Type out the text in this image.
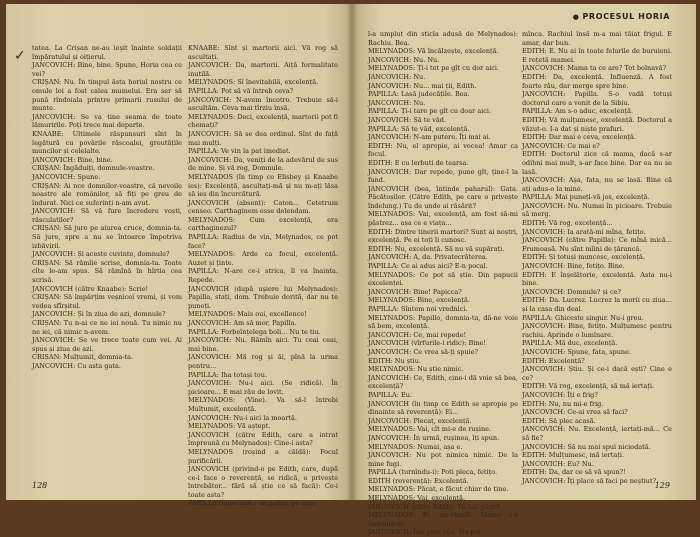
✓ tatea. La Crișan ne-au ieșit înainte soldații împăratului și oițierul.

JANCOVICH: Bine, bine. Spune, Horia cea ce vei?

CRIȘAN: Nu. În timpul ăsta horiul nostru ce omule loi a fost calea mumelui. Era ser să pună rîndoiala printre primarii rusului de munte.

JANCOVICH: Se va tine seama de toate lămuririle. Poți trece mai departe.

KNAABE: Ultimele răspunsuri sînt în legătură cu povările răscoalei, greutățile muncilor și celelalte.

JANCOVICH: Bine, bine.

CRIȘAN: Îngăduiți, domnule-voastre.

JANCOVICH: Spune.

CRIȘAN: Ai nce domnilor-voastre, că nevoile noastre ale românilor, să fiți pe greu de îndurat. Nici ce suferinți n-am avut.

JANCOVICH: Să vă fure încredere voști, răsculatilor?

CRIȘAN: Să jure pe aiurea cruce, domnia-ta. Să jure, spre a nu se întoarce împotriva izbăvirii.

JANCOVICH: Și aceste cuvinte, domnule?

CRIȘAN: Să rămîie scrise, domnia-ta. Toate cîte le-am spus. Să rămînă în hîrtia cea scrisă.

JANCOVICH (către Knaabe): Scrie!

CRIȘAN: Să împărțim veșnicei vremi, și vom vedea sfîrșitul.

JANCOVICH: Și în ziua de azi, domnule?

CRIȘAN: Tu n-ai ce ne iei nouă. Tu nimic nu ne iei, că nimic n-avem.

JANCOVICH: Se ve trece toate cum vei. Ai spus și ziua de azi.

CRIȘAN: Mulțumit, domnia-ta.

JANCOVICH: Cu asta gata.

KNAABE: Sînt și martorii aici. Vă rog să ascultați.

JANCOVICH: Da, martorii. Aiță formalitate inutilă.

MELYNADOS: Sî înevitabilă, excelență.

PAPILLA: Pot să vă întreb ceva?

JANCOVICH: N-avem încotro. Trebuie să-i ascultăm. Ceva mai tîrziu însă.

MELYNADOS: Deci, excelență, martorii pot fi chemați?

JANCOVICH: Să se dea ordinul. Sînt de față mai mulți.

PAPILLA: Ve vin la pat imediat.

JANCOVICH: Da, veniți de la adevărul de sus de mine. Și vă rog, Domnule.

MELYNADOS (în timp ce Elisbey și Knaabe ies): Excelență, ascultați-mă și nu m-ați lăsa să ies din încurcătură.

JANCOVICH (absent): Caton... Cetetrum censeo. Carthaginem esse delendam.

MELYNADOS: Cum excelență, era carthaginezul?

PAPILLA: Radius de vin, Melynados, ce pot face?

MELYNADOS: Arde ca focul, excelență. Auzet și ținte.

PAPILLA: N-are ce-i strica, îl va înainta. Repede.

JANCOVICH (după ușiere lui Melynados): Papilla, stați, dom. Trebuie dorită, dar nu te puneți.

MELYNADOS: Mais oui, excellence!

JANCOVICH: Am să mor, Papilla.

PAPILLA: Forbeînțelega boli... Nu te tiu.

JANCOVICH: Nu. Rămîn aici. Tu ceai ceai, mai bine.

JANCOVICH: Mă rog și ăi, pînă la urma pentru...

PAPILLA: Iha totași tou.

JANCOVICH: Nu-i aici. (Se ridică). În picioare... E mai rău de lovit.

MELYNADOS: (Vine). Va să-l întrebi Mulțumit, excelență.

JANCOVICH: Nu-i aici la moartă.

MELYNADOS: Vă aștept.

JANCOVICH (către Edith, care a intrat împreună cu Melynados): Cine-i asta?

MELYNADOS (roșind a căldă): Focul purificării.

JANCOVICH (privind-o pe Edith, care, după ce-i face o reverență, se ridică, o privește întrebător... fără să știe ce să facă): Ce-i toate asta?

PAPILLA (înlocuind-i un pahar, pe care

128
● PROCESUL HORIA

l-a umplut din sticla adusă de Melynados): Rachiu. Bea.

MELYNADOS: Vă încălzește, excelență.

JANCOVICH: Nu. Nu.

MELYNADOS: Ți-i tot pe gît cu dor aici.

JANCOVICH: Nu.

JANCOVICH: Nu... mai ții, Edith.

PAPILLA: Lasă judecățile. Bea.

JANCOVICH: Nu.

PAPILLA: Ți-i tare pe gît cu doar aici.

JANCOVICH: Să te văd.

PAPILLA: Să te văd, excelență.

JANCOVICH: N-am putere. Îți mai ai.

EDITH: Nu, el apropie, ai vocea! Amar ca focul.

EDITH: E cu lerbuti de tearsa.

JANCOVICH: Dar repede, pune gît, ține-l la fund.

JANCOVICH (bea, întinde paharul): Gata. Păcătoșilor. (Către Edith, pe care o privește îndelung.) Tu de unde ai răsărit?

MELYNADOS: Vai, excelență, am fost să-mi păstrez... așa ce e viața...

EDITH: Dintre tinerii martori? Sunt ai noștri, excelență. Pe ei toți îi cunosc.

EDITH: Nu, excelență. Să nu vă supărați.

JANCOVICH: A, da. Privatecrăterea.

PAPILLA: Ce ai adus aici? E-n pocal.

MELYNADOS: Ce pot să știe. Din papucii excelenței.

JANCOVICH: Bine! Papicca?

MELYNADOS: Bine, excelență.

PAPILLA: Sîntem noi vrednici.

MELYNADOS: Papillo, domnia-ta, dă-ne voie să bem, excelență.

JANCOVICH: Ce, mai repede!

JANCOVICH (vîrfurile-i ridic): Bine!

JANCOVICH: Ce vrea să-ți spuie?

EDITH: Nu știu.

MELYNADOS: Nu știe nimic.

JANCOVICH: Ce, Edith, cine-i dă voie să bea, excelență?

PAPILLA: Eu.

JANCOVICH (în timp ce Edith se apropie pe dinainte să reverență): Ei...

JANCOVICH: Plecaț, excelență.

MELYNADOS: Vai, cît mi-e de rușine.

JANCOVICH: În urmă, rușinea, îți spun.

MELYNADOS: Numai, așa e.

JANCOVICH: Nu pot nimica nimic. De la mine fugi.

PAPILLA (turnîndu-i): Poti pleca, fetițo.

EDITH (reverență): Excelență.

MELYNADOS: Păcat, e făcut chiar de tine.

MELYNADOS: Vai, excelență.

JANCOVICH (către Edith): Tu l-ai găsit?

MELYNADOS: Ei, excelență. Mama s-a îmbolnăvit.

JANCOVICH: Îmi pare rău. Nu pot

mînca. Rachiul însă m-a mai tăiat frigul. E amar, dar bun.

EDITH: E. Nu ai în toate felurile de buruieni. E rețetă mamei.

JANCOVICH: Mama ta ce are? Tot bolnavă?

EDITH: Da, excelență. Influenză. A fost foarte rău, dar merge spre bine.

JANCOVICH: Papilla. S-o vadă totuși doctorul care a venit de la Sibiu.

PAPILLA: Am s-o aduc, excelență.

EDITH: Vă mulțumesc, excelență. Doctorul a văzut-o. I-a dat și niște prafuri.

EDITH: Dar mai e ceva, excelență.

JANCOVICH: Ce mai e?

EDITH: Doctorul zice că mama, dacă s-ar odihni mai mult, s-ar face bine. Dar ea nu se lasă.

JANCOVICH: Așa, fata, nu se lasă. Bine că ați adus-o la mine.

PAPILLA: Mai puneți-vă jos, excelență.

JANCOVICH: Nu. Numai în picioare. Trebuie să merg.

EDITH: Vă rog, excelență...

JANCOVICH: Ia arată-mi mîna, fetițo.

JANCOVICH (către Papilla): Ce mînă mică... Frumoasă. Nu sînt mîini de țărancă.

EDITH: Și totuși muncesc, excelență.

JANCOVICH: Bine, fetițo. Bine.

EDITH: E înșelătorie, excelență. Asta nu-i bine.

JANCOVICH: Domnule? și ce?

EDITH: Da. Lucrez. Lucrez la morii cu ziua... și la casa din deal.

PAPILLA: Ghiceste singur. Nu-i greu.

JANCOVICH: Bine, fetițo. Mulțumesc pentru rachiu. Aprinde o lumînare.

PAPILLA: Mă duc, excelență.

JANCOVICH: Spune, fata, spune.

EDITH: Excelență?

JANCOVICH: Știu. Și ce-i dacă ești? Cine e ce?

EDITH: Vă rog, excelență, să mă iertați.

JANCOVICH: Îți e frig?

EDITH: Nu, nu mi-e frig.

JANCOVICH: Ce-ai vrea să faci?

EDITH: Să plec acasă.

JANCOVICH: Nu. Excelență, iertați-mă... Ce să fie?

JANCOVICH: Să nu mai spui niciodată.

EDITH: Mulțumesc, mă iertați.

JANCOVICH: Eu? Nu.

EDITH: Da, dar ce să vă spun?!

JANCOVICH: Îți place să faci pe neștiut?

129
